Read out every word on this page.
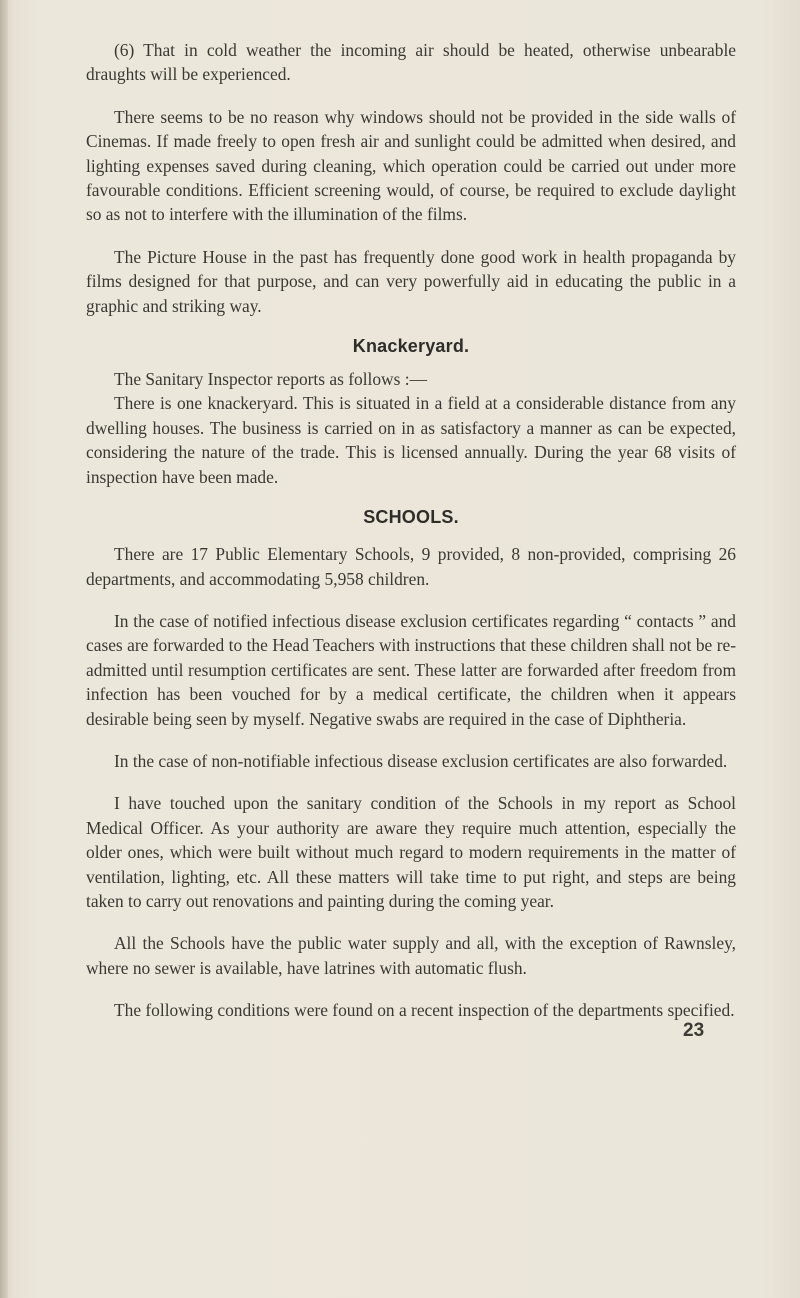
(6) That in cold weather the incoming air should be heated, otherwise unbearable draughts will be experienced.

There seems to be no reason why windows should not be provided in the side walls of Cinemas. If made freely to open fresh air and sunlight could be admitted when desired, and lighting expenses saved during cleaning, which operation could be carried out under more favourable conditions. Efficient screening would, of course, be required to exclude daylight so as not to interfere with the illumination of the films.

The Picture House in the past has frequently done good work in health propaganda by films designed for that purpose, and can very powerfully aid in educating the public in a graphic and striking way.

Knackeryard.

The Sanitary Inspector reports as follows :—

There is one knackeryard. This is situated in a field at a considerable distance from any dwelling houses. The business is carried on in as satisfactory a manner as can be expected, considering the nature of the trade. This is licensed annually. During the year 68 visits of inspection have been made.

SCHOOLS.

There are 17 Public Elementary Schools, 9 provided, 8 non-provided, comprising 26 departments, and accommodating 5,958 children.

In the case of notified infectious disease exclusion certificates regarding “ contacts ” and cases are forwarded to the Head Teachers with instructions that these children shall not be re-admitted until resumption certificates are sent. These latter are forwarded after freedom from infection has been vouched for by a medical certificate, the children when it appears desirable being seen by myself. Negative swabs are required in the case of Diphtheria.

In the case of non-notifiable infectious disease exclusion certificates are also forwarded.

I have touched upon the sanitary condition of the Schools in my report as School Medical Officer. As your authority are aware they require much attention, especially the older ones, which were built without much regard to modern requirements in the matter of ventilation, lighting, etc. All these matters will take time to put right, and steps are being taken to carry out renovations and painting during the coming year.

All the Schools have the public water supply and all, with the exception of Rawnsley, where no sewer is available, have latrines with automatic flush.

The following conditions were found on a recent inspection of the departments specified.

23
